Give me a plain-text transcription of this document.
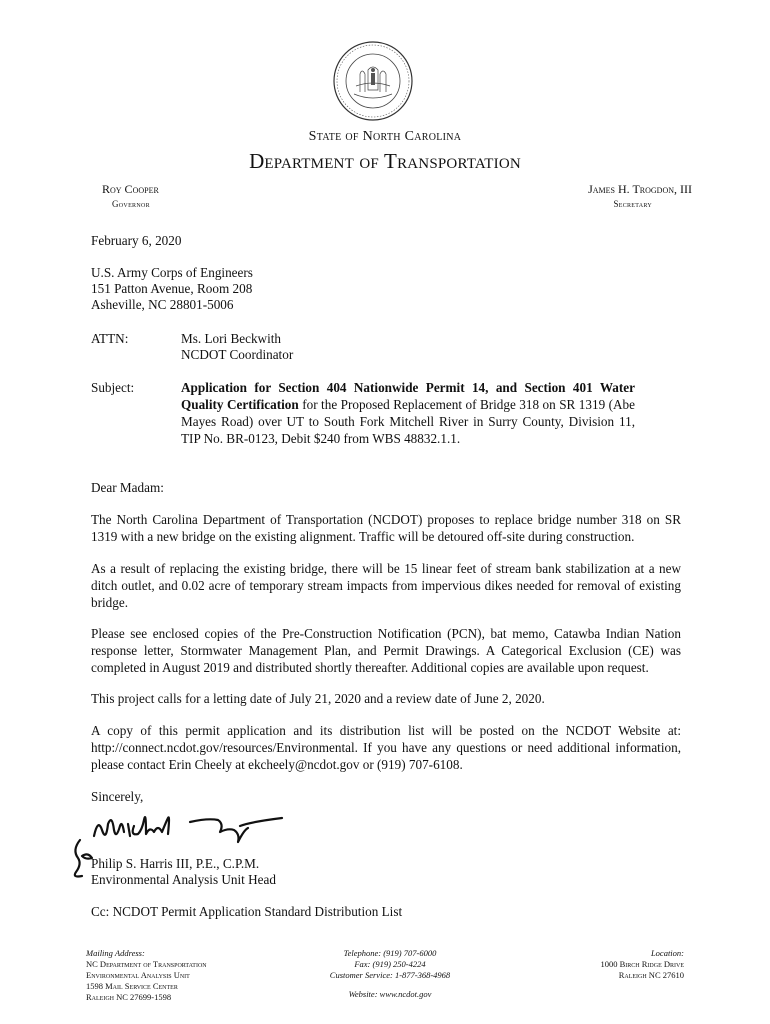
State of North Carolina
Department of Transportation
Roy Cooper
Governor
James H. Trogdon, III
Secretary
February 6, 2020
U.S. Army Corps of Engineers
151 Patton Avenue, Room 208
Asheville, NC 28801-5006
ATTN:	Ms. Lori Beckwith
NCDOT Coordinator
Subject:	Application for Section 404 Nationwide Permit 14, and Section 401 Water Quality Certification for the Proposed Replacement of Bridge 318 on SR 1319 (Abe Mayes Road) over UT to South Fork Mitchell River in Surry County, Division 11, TIP No. BR-0123, Debit $240 from WBS 48832.1.1.
Dear Madam:
The North Carolina Department of Transportation (NCDOT) proposes to replace bridge number 318 on SR 1319 with a new bridge on the existing alignment. Traffic will be detoured off-site during construction.
As a result of replacing the existing bridge, there will be 15 linear feet of stream bank stabilization at a new ditch outlet, and 0.02 acre of temporary stream impacts from impervious dikes needed for removal of existing bridge.
Please see enclosed copies of the Pre-Construction Notification (PCN), bat memo, Catawba Indian Nation response letter, Stormwater Management Plan, and Permit Drawings. A Categorical Exclusion (CE) was completed in August 2019 and distributed shortly thereafter. Additional copies are available upon request.
This project calls for a letting date of July 21, 2020 and a review date of June 2, 2020.
A copy of this permit application and its distribution list will be posted on the NCDOT Website at: http://connect.ncdot.gov/resources/Environmental. If you have any questions or need additional information, please contact Erin Cheely at ekcheely@ncdot.gov or (919) 707-6108.
Sincerely,
Philip S. Harris III, P.E., C.P.M.
Environmental Analysis Unit Head
Cc: NCDOT Permit Application Standard Distribution List
Mailing Address:
NC Department of Transportation
Environmental Analysis Unit
1598 Mail Service Center
Raleigh NC 27699-1598
Telephone: (919) 707-6000
Fax: (919) 250-4224
Customer Service: 1-877-368-4968
Website: www.ncdot.gov
Location:
1000 Birch Ridge Drive
Raleigh NC 27610
